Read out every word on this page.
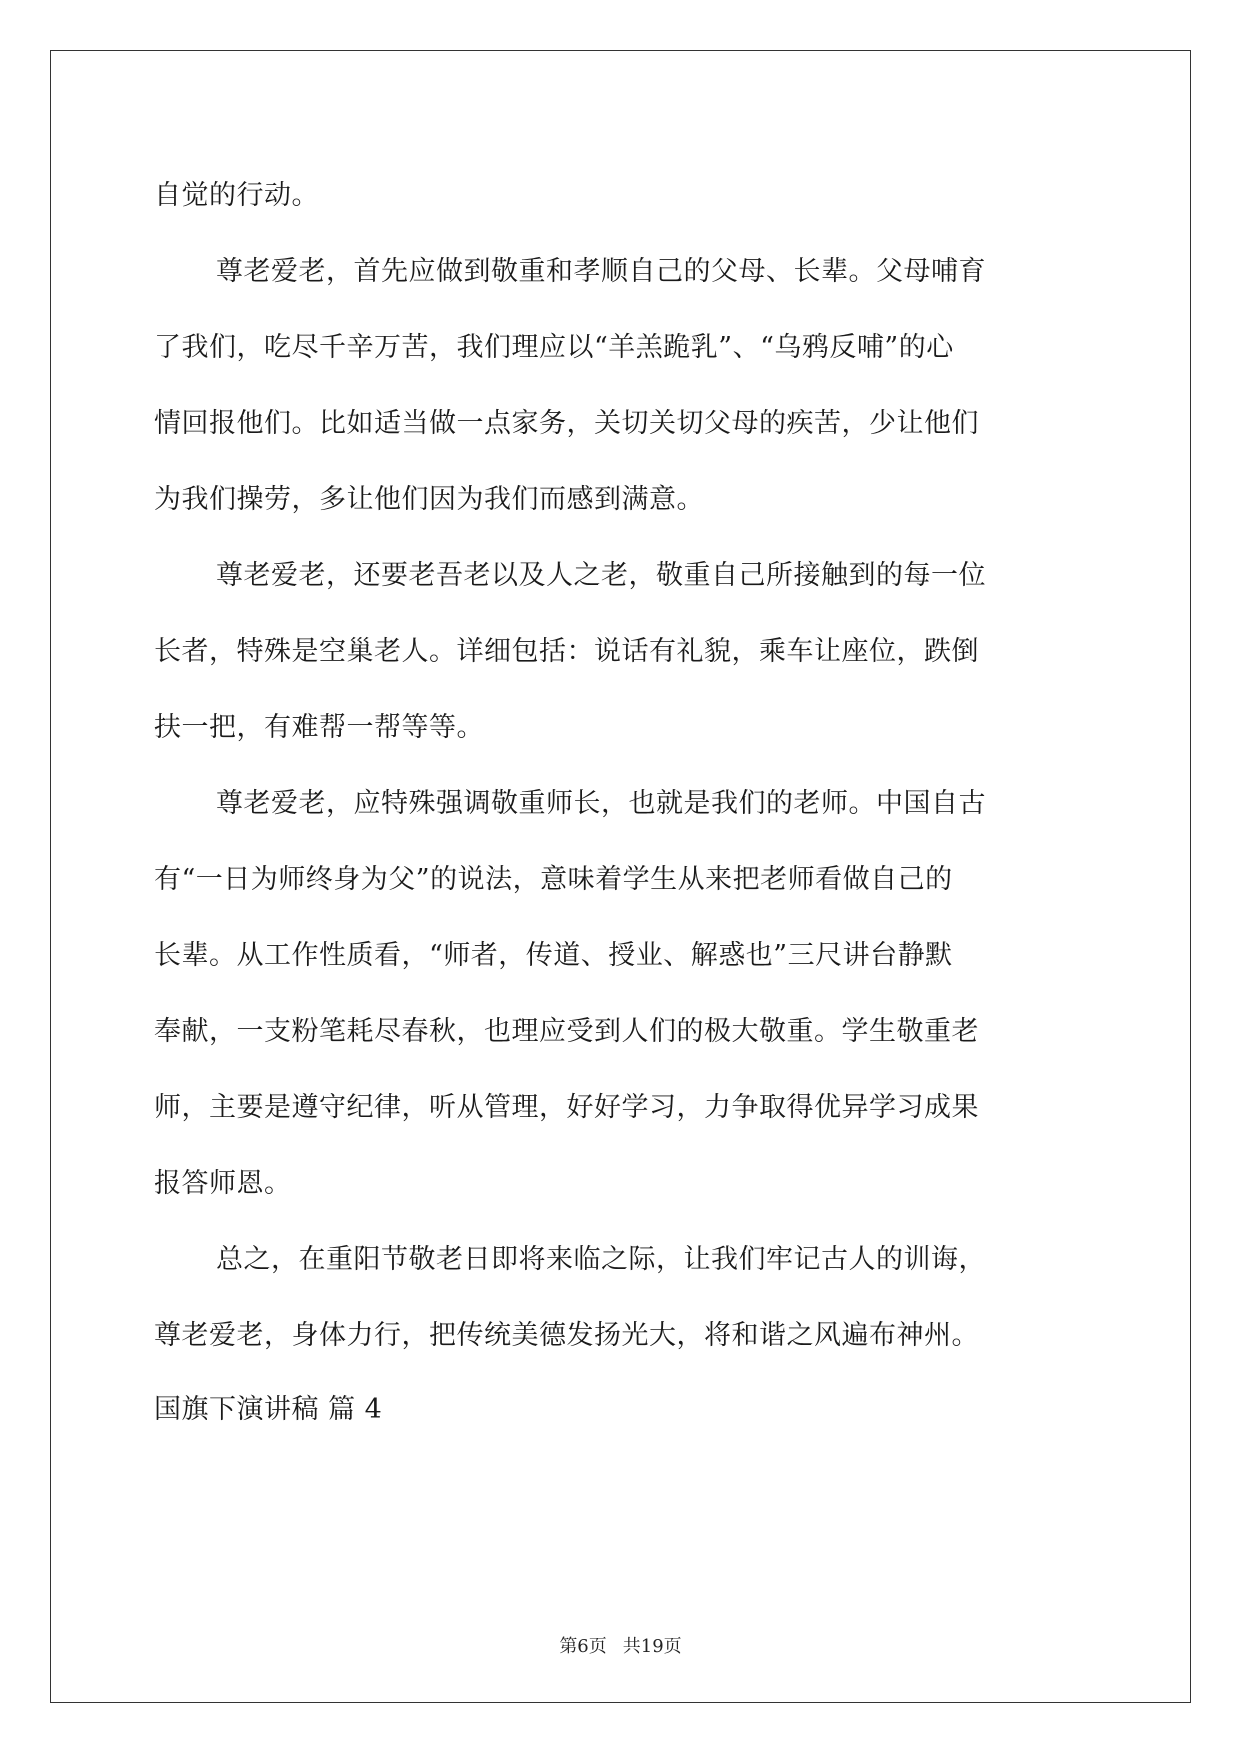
自觉的行动。
尊老爱老，首先应做到敬重和孝顺自己的父母、长辈。父母哺育
了我们，吃尽千辛万苦，我们理应以“羊羔跪乳”、“乌鸦反哺”的心
情回报他们。比如适当做一点家务，关切关切父母的疾苦，少让他们
为我们操劳，多让他们因为我们而感到满意。
尊老爱老，还要老吾老以及人之老，敬重自己所接触到的每一位
长者，特殊是空巢老人。详细包括：说话有礼貌，乘车让座位，跌倒
扶一把，有难帮一帮等等。
尊老爱老，应特殊强调敬重师长，也就是我们的老师。中国自古
有“一日为师终身为父”的说法，意味着学生从来把老师看做自己的
长辈。从工作性质看，“师者，传道、授业、解惑也”三尺讲台静默
奉献，一支粉笔耗尽春秋，也理应受到人们的极大敬重。学生敬重老
师，主要是遵守纪律，听从管理，好好学习，力争取得优异学习成果
报答师恩。
总之，在重阳节敬老日即将来临之际，让我们牢记古人的训诲，
尊老爱老，身体力行，把传统美德发扬光大，将和谐之风遍布神州。
国旗下演讲稿 篇 4
第6页 共19页
